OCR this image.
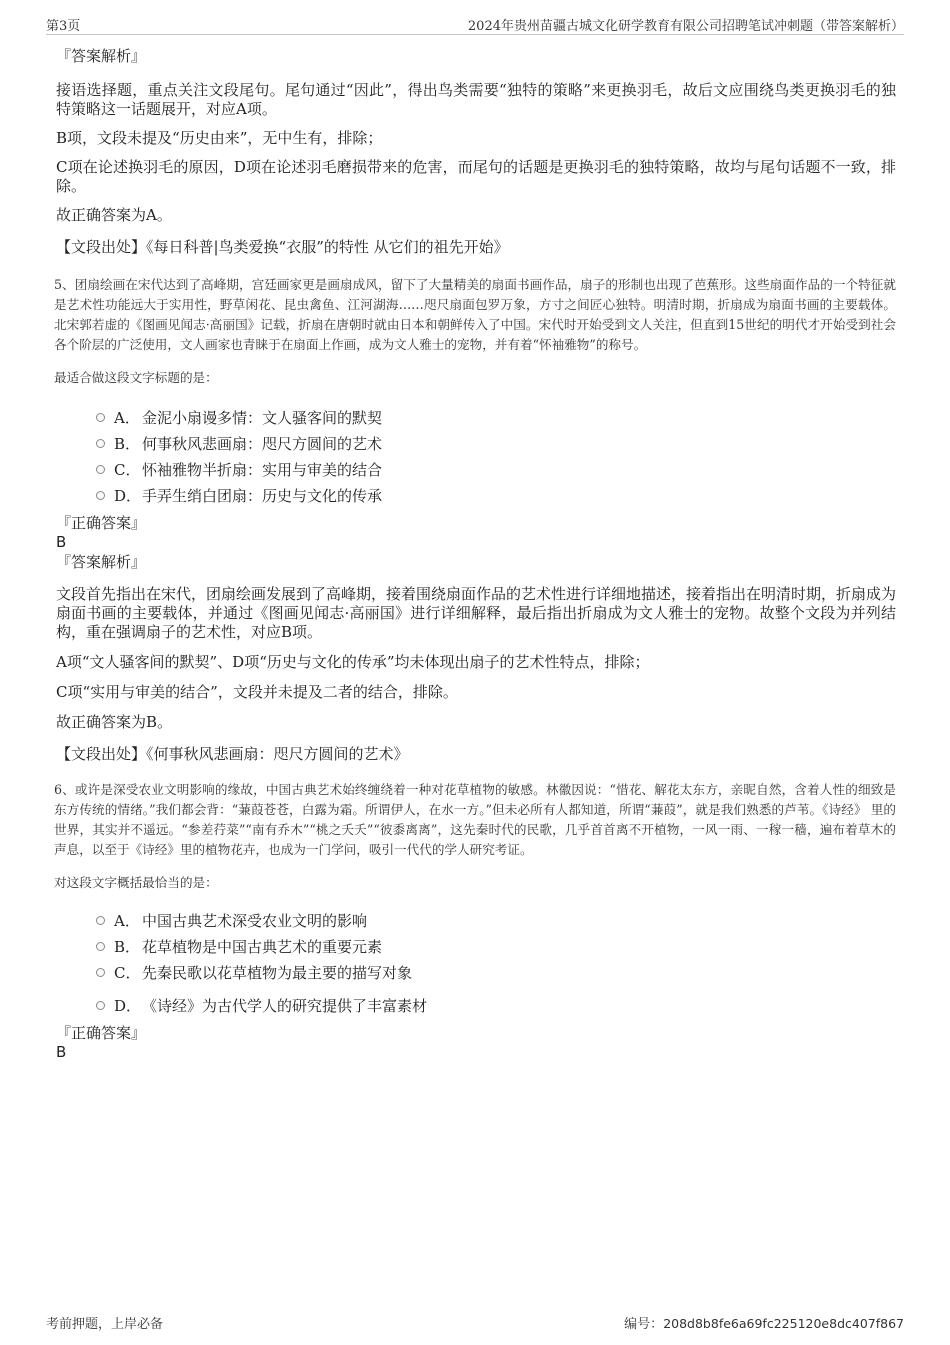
第3页	2024年贵州苗疆古城文化研学教育有限公司招聘笔试冲刺题（带答案解析）
『答案解析』

接语选择题，重点关注文段尾句。尾句通过“因此”，得出鸟类需要“独特的策略”来更换羽毛，故后文应围绕鸟类更换羽毛的独特策略这一话题展开，对应A项。

B项，文段未提及“历史由来”，无中生有，排除；

C项在论述换羽毛的原因，D项在论述羽毛磨损带来的危害，而尾句的话题是更换羽毛的独特策略，故均与尾句话题不一致，排除。

故正确答案为A。

【文段出处】《每日科普|鸟类爱换“衣服”的特性 从它们的祖先开始》

5、团扇绘画在宋代达到了高峰期，宫廷画家更是画扇成风，留下了大量精美的扇面书画作品，扇子的形制也出现了芭蕉形。这些扇面作品的一个特征就是艺术性功能远大于实用性，野草闲花、昆虫禽鱼、江河湖海……咫尺扇面包罗万象，方寸之间匠心独特。明清时期，折扇成为扇面书画的主要载体。北宋郭若虚的《图画见闻志·高丽国》记载，折扇在唐朝时就由日本和朝鲜传入了中国。宋代时开始受到文人关注，但直到15世纪的明代才开始受到社会各个阶层的广泛使用，文人画家也青睐于在扇面上作画，成为文人雅士的宠物，并有着“怀袖雅物”的称号。

最适合做这段文字标题的是：
A． 金泥小扇谩多情：文人骚客间的默契
B． 何事秋风悲画扇：咫尺方圆间的艺术
C． 怀袖雅物半折扇：实用与审美的结合
D．手弄生绡白团扇：历史与文化的传承
『正确答案』
B
『答案解析』

文段首先指出在宋代，团扇绘画发展到了高峰期，接着围绕扇面作品的艺术性进行详细地描述，接着指出在明清时期，折扇成为扇面书画的主要载体，并通过《图画见闻志·高丽国》进行详细解释，最后指出折扇成为文人雅士的宠物。故整个文段为并列结构，重在强调扇子的艺术性，对应B项。

A项“文人骚客间的默契”、D项“历史与文化的传承”均未体现出扇子的艺术性特点，排除；

C项“实用与审美的结合”，文段并未提及二者的结合，排除。

故正确答案为B。

【文段出处】《何事秋风悲画扇：咫尺方圆间的艺术》

6、或许是深受农业文明影响的缘故，中国古典艺术始终缠绕着一种对花草植物的敏感。林徽因说：“惜花、解花太东方，亲昵自然，含着人性的细致是东方传统的情绪。”我们都会背：“蒹葭苍苍，白露为霜。所谓伊人，在水一方。”但未必所有人都知道，所谓“蒹葭”，就是我们熟悉的芦苇。《诗经》 里的世界，其实并不遥远。“参差荇菜”“南有乔木”“桃之夭夭”“彼黍离离”，这先秦时代的民歌，几乎首首离不开植物，一风一雨、一稼一穑，遍布着草木的声息，以至于《诗经》里的植物花卉，也成为一门学问，吸引一代代的学人研究考证。

对这段文字概括最恰当的是：
A． 中国古典艺术深受农业文明的影响
B． 花草植物是中国古典艺术的重要元素
C． 先秦民歌以花草植物为最主要的描写对象
D．《诗经》为古代学人的研究提供了丰富素材
『正确答案』
B
考前押题，上岸必备	编号：208d8b8fe6a69fc225120e8dc407f867
